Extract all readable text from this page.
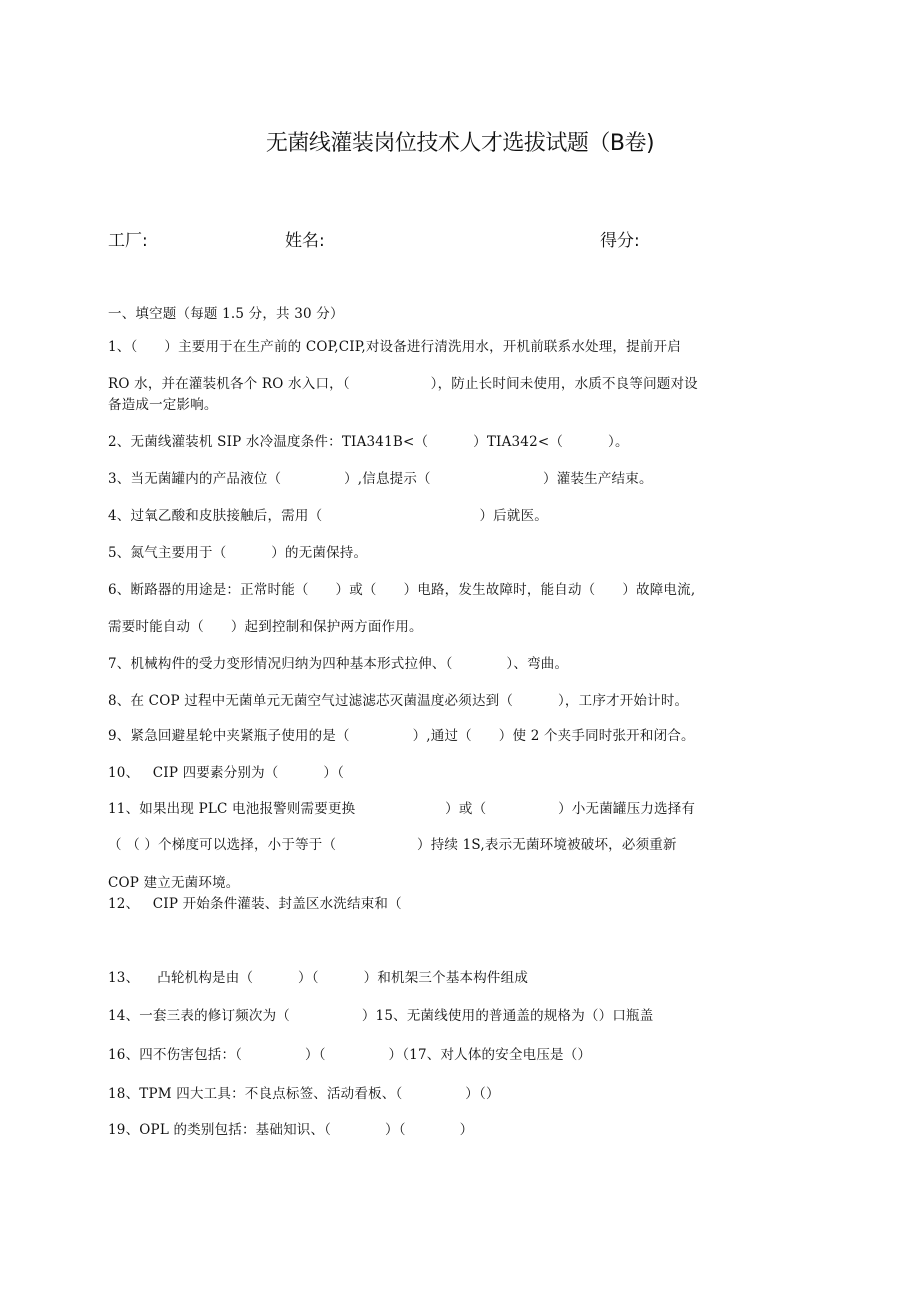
无菌线灌装岗位技术人才选拔试题（B卷)
工厂:	姓名:	得分:
一、填空题（每题 1.5 分，共 30 分）
1、（      ）主要用于在生产前的 COP,CIP,对设备进行清洗用水，开机前联系水处理，提前开启
RO 水，并在灌装机各个 RO 水入口，（                  ），防止长时间未使用，水质不良等问题对设
备造成一定影响。
2、无菌线灌装机 SIP 水冷温度条件：TIA341B<（          ）TIA342<（          ）。
3、当无菌罐内的产品液位（              ）,信息提示（                         ）灌装生产结束。
4、过氧乙酸和皮肤接触后，需用（                                   ）后就医。
5、氮气主要用于（          ）的无菌保持。
6、断路器的用途是：正常时能（      ）或（      ）电路，发生故障时，能自动（      ）故障电流,
需要时能自动（      ）起到控制和保护两方面作用。
7、机械构件的受力变形情况归纳为四种基本形式拉伸、（            ）、弯曲。
8、在 COP 过程中无菌单元无菌空气过滤滤芯灭菌温度必须达到（          ），工序才开始计时。
9、紧急回避星轮中夹紧瓶子使用的是（              ）,通过（      ）使 2 个夹手同时张开和闭合。
10、   CIP 四要素分别为（          ）（
11、如果出现 PLC 电池报警则需要更换                    ）或（                ）小无菌罐压力选择有
（ （ ）个梯度可以选择，小于等于（                  ）持续 1S,表示无菌环境被破坏，必须重新
COP 建立无菌环境。
12、   CIP 开始条件灌装、封盖区水洗结束和（
13、    凸轮机构是由（          ）（          ）和机架三个基本构件组成
14、一套三表的修订频次为（                ）15、无菌线使用的普通盖的规格为（）口瓶盖
16、四不伤害包括：（              ）（              ）（17、对人体的安全电压是（）
18、TPM 四大工具：不良点标签、活动看板、（              ）（）
19、OPL 的类别包括：基础知识、（            ）（            ）
